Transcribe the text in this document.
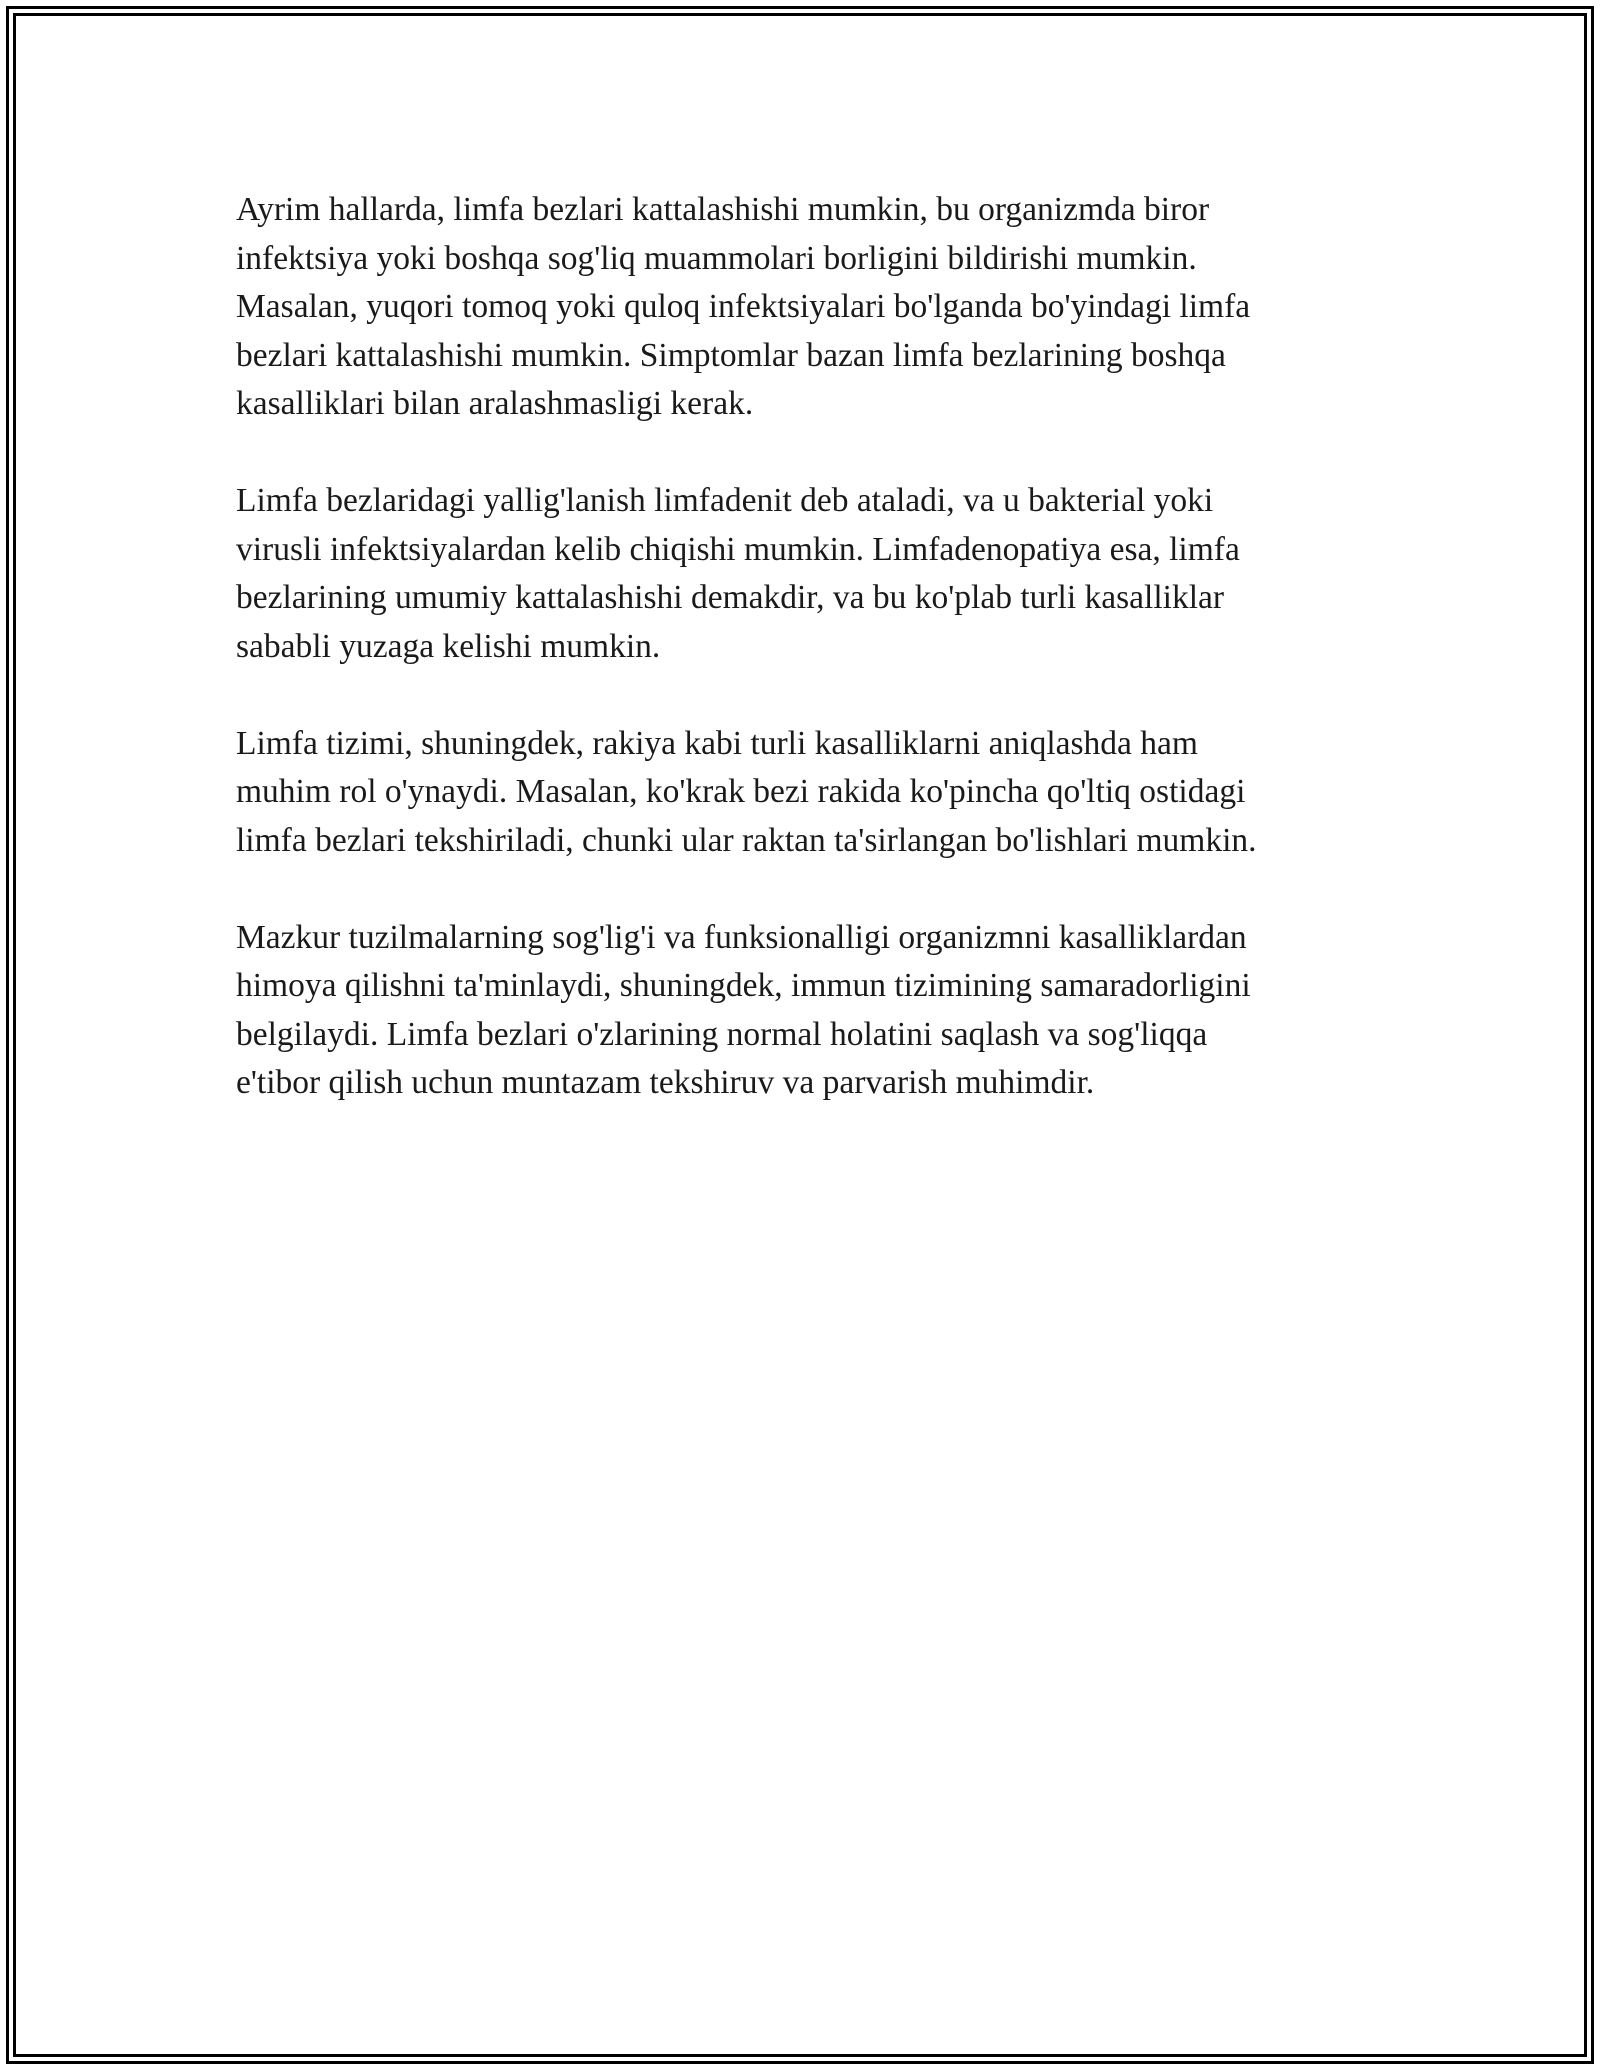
Ayrim hallarda, limfa bezlari kattalashishi mumkin, bu organizmda biror
infektsiya yoki boshqa sog'liq muammolari borligini bildirishi mumkin.
Masalan, yuqori tomoq yoki quloq infektsiyalari bo'lganda bo'yindagi limfa
bezlari kattalashishi mumkin. Simptomlar bazan limfa bezlarining boshqa
kasalliklari bilan aralashmasligi kerak.

Limfa bezlaridagi yallig'lanish limfadenit deb ataladi, va u bakterial yoki
virusli infektsiyalardan kelib chiqishi mumkin. Limfadenopatiya esa, limfa
bezlarining umumiy kattalashishi demakdir, va bu ko'plab turli kasalliklar
sababli yuzaga kelishi mumkin.

Limfa tizimi, shuningdek, rakiya kabi turli kasalliklarni aniqlashda ham
muhim rol o'ynaydi. Masalan, ko'krak bezi rakida ko'pincha qo'ltiq ostidagi
limfa bezlari tekshiriladi, chunki ular raktan ta'sirlangan bo'lishlari mumkin.

Mazkur tuzilmalarning sog'lig'i va funksionalligi organizmni kasalliklardan
himoya qilishni ta'minlaydi, shuningdek, immun tizimining samaradorligini
belgilaydi. Limfa bezlari o'zlarining normal holatini saqlash va sog'liqqa
e'tibor qilish uchun muntazam tekshiruv va parvarish muhimdir.
